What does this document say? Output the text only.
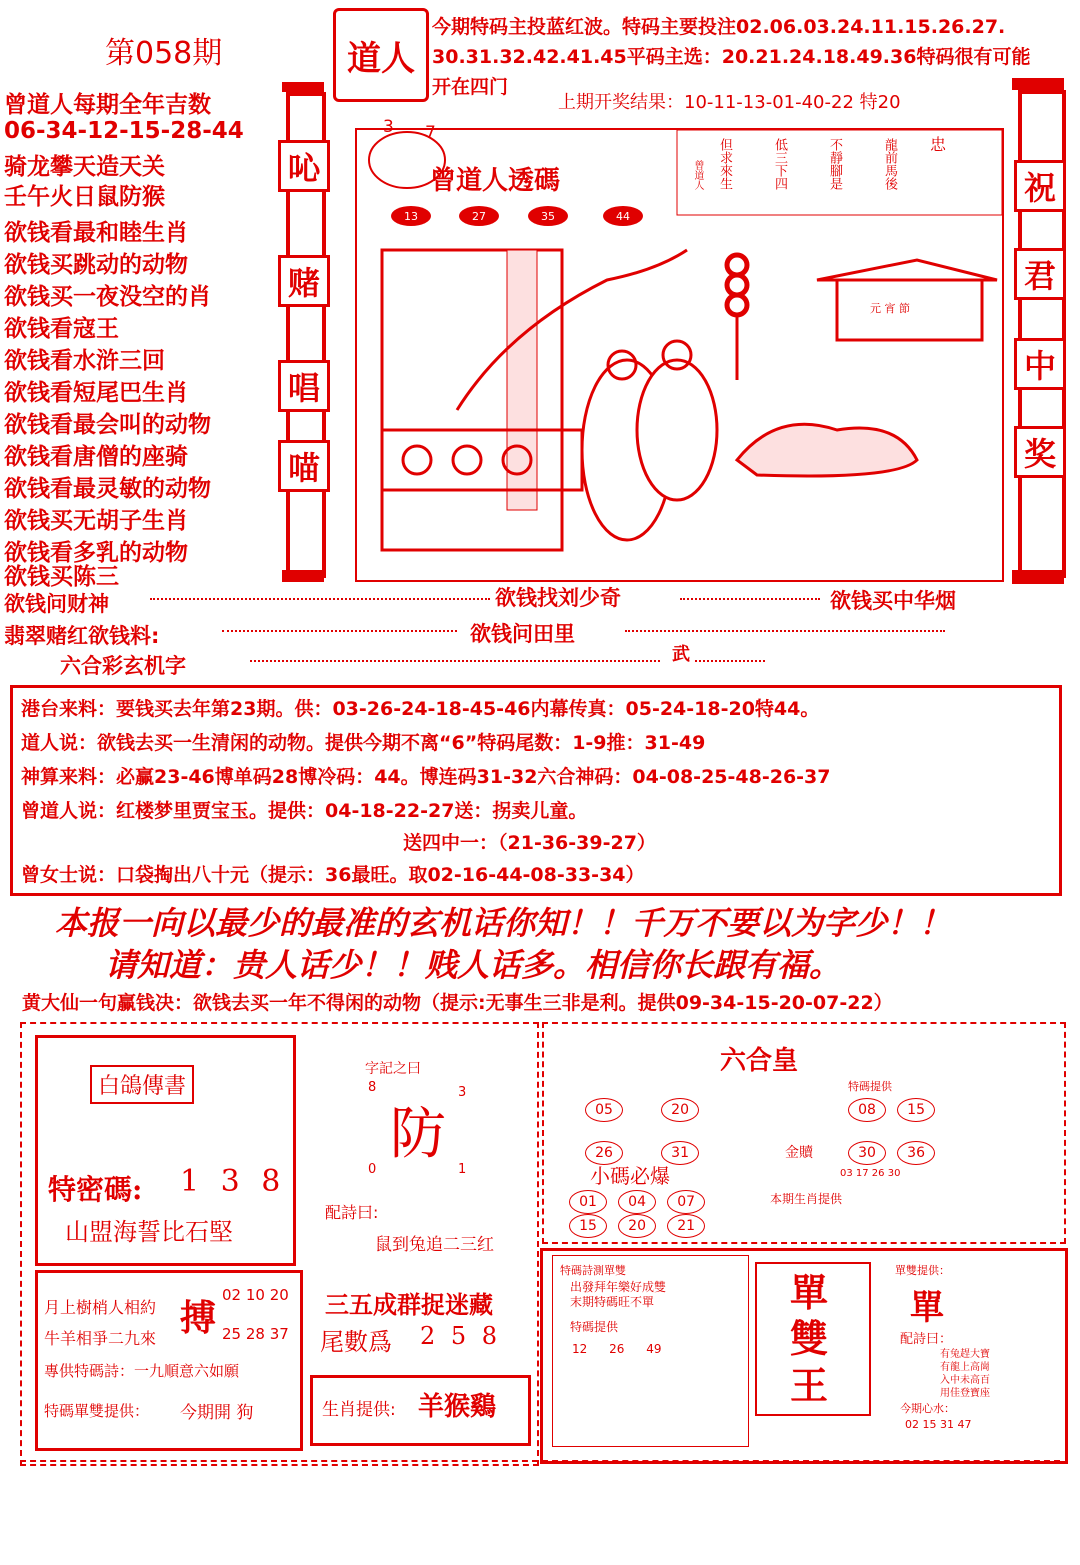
第058期	道人
今期特码主投蓝红波。特码主要投注02.06.03.24.11.15.26.27.
30.31.32.42.41.45平码主选：20.21.24.18.49.36特码很有可能
开在四门
上期开奖结果：10-11-13-01-40-22 特20
曾道人每期全年吉数
06-34-12-15-28-44
骑龙攀天造天关
壬午火日鼠防猴
欲钱看最和睦生肖
欲钱买跳动的动物
欲钱买一夜没空的肖
欲钱看寇王
欲钱看水浒三回
欲钱看短尾巴生肖
欲钱看最会叫的动物
欲钱看唐僧的座骑
欲钱看最灵敏的动物
欲钱买无胡子生肖
欲钱看多乳的动物
欲钱买陈三
吣
赌
唱
喵
祝
君
中
奖
3 7
曾道人透碼
13	27	35	44
忠
龍前馬後
不靜腳是
低三下四
但求來生
曾道人
元 宵 節
欲钱问财神	欲钱找刘少奇	欲钱买中华烟
翡翠赌红欲钱料:	欲钱问田里
六合彩玄机字	武
港台来料：要钱买去年第23期。供：03-26-24-18-45-46内幕传真：05-24-18-20特44。
道人说：欲钱去买一生清闲的动物。提供今期不离“6”特码尾数：1-9推：31-49
神算来料：必赢23-46博单码28博冷码：44。博连码31-32六合神码：04-08-25-48-26-37
曾道人说：红楼梦里贾宝玉。提供：04-18-22-27送：拐卖儿童。
送四中一：（21-36-39-27）
曾女士说：口袋掏出八十元（提示：36最旺。取02-16-44-08-33-34）
本报一向以最少的最准的玄机话你知！！千万不要以为字少！！
请知道：贵人话少！！贱人话多。相信你长跟有福。
黄大仙一句赢钱决：欲钱去买一年不得闲的动物（提示:无事生三非是利。提供09-34-15-20-07-22）
白鴿傳書
特密碼: 1 3 8
山盟海誓比石堅
字記之曰
防
8	3
0	1
配詩曰:
鼠到兔追二三红
月上樹梢人相約
牛羊相爭二九來 搏
02 10 20
25 28 37
專供特碼詩：一九順意六如願
特碼單雙提供： 今期開 狗
三五成群捉迷藏
尾數爲 2 5 8
生肖提供: 羊猴鷄
六合皇
05	20

26	31
特碼提供
08 15

30 36
金贖
03 17 26 30
小碼必爆
01 04 07
15 20 21
本期生肖提供
特碼詩測單雙
出發拜年樂好成雙
末期特碼旺不單
特碼提供
12 26 49
單
雙
王
單雙提供：
單
配詩曰：
有兔趕大寶
有龍上高崗
入中未高百
用佳登寶座
今期心水：
02 15 31 47
